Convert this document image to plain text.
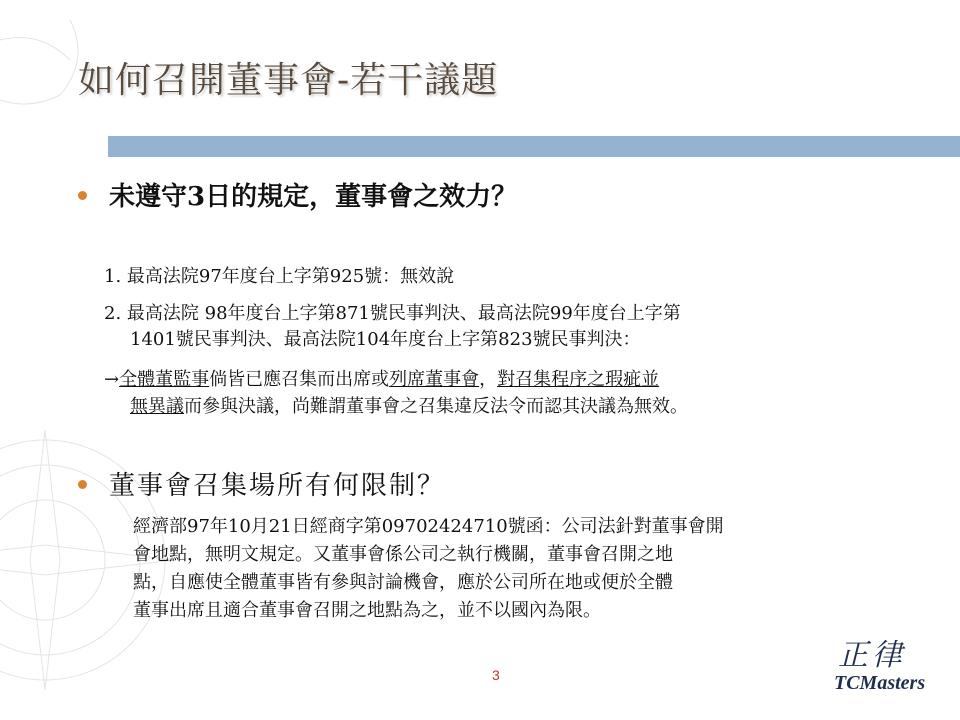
如何召開董事會-若干議題
未遵守3日的規定，董事會之效力？
1. 最高法院97年度台上字第925號：無效說
2. 最高法院 98年度台上字第871號民事判決、最高法院99年度台上字第
1401號民事判決、最高法院104年度台上字第823號民事判決：
→全體董監事倘皆已應召集而出席或列席董事會，對召集程序之瑕疵並
無異議而參與決議，尚難謂董事會之召集違反法令而認其決議為無效。
董事會召集場所有何限制？
經濟部97年10月21日經商字第09702424710號函：公司法針對董事會開
會地點，無明文規定。又董事會係公司之執行機關，董事會召開之地
點，自應使全體董事皆有參與討論機會，應於公司所在地或便於全體
董事出席且適合董事會召開之地點為之，並不以國內為限。
3
正律
TCMasters
